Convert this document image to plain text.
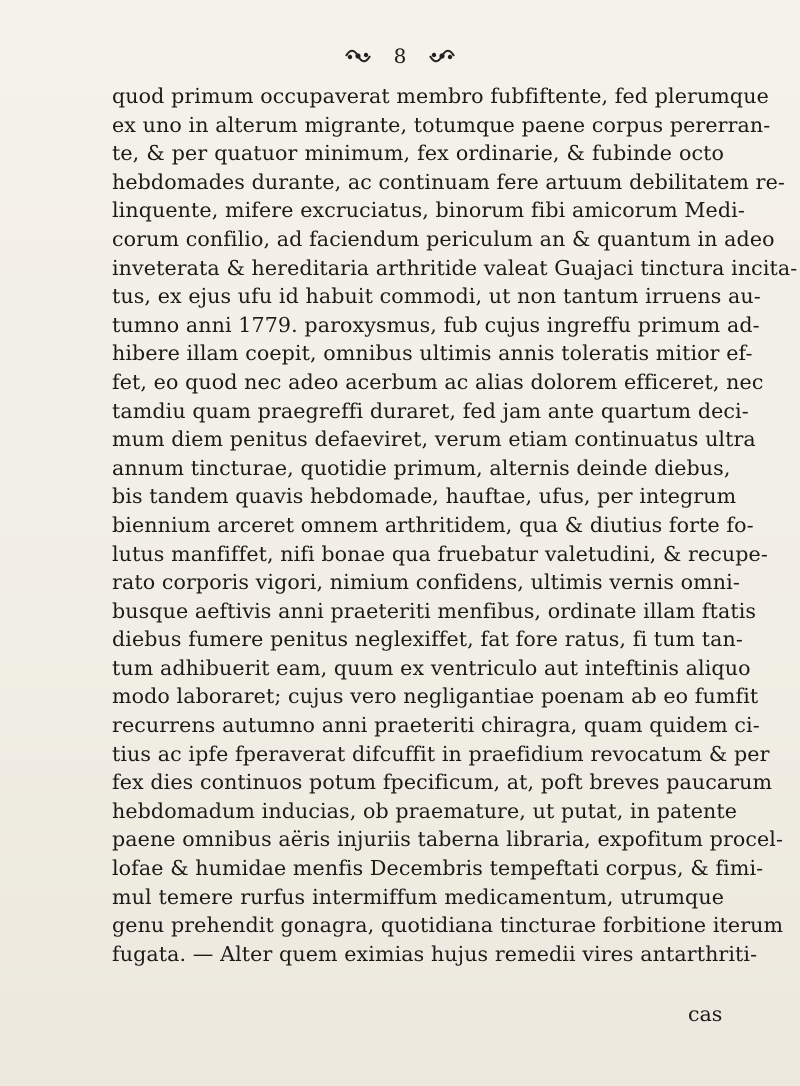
8
quod primum occupaverat membro fubfiftente, fed plerumque
ex uno in alterum migrante, totumque paene corpus pererran-
te, & per quatuor minimum, fex ordinarie, & fubinde octo
hebdomades durante, ac continuam fere artuum debilitatem re-
linquente, mifere excruciatus, binorum fibi amicorum Medi-
corum confilio, ad faciendum periculum an & quantum in adeo
inveterata & hereditaria arthritide valeat Guajaci tinctura incita-
tus, ex ejus ufu id habuit commodi, ut non tantum irruens au-
tumno anni 1779. paroxysmus, fub cujus ingreffu primum ad-
hibere illam coepit, omnibus ultimis annis toleratis mitior ef-
fet, eo quod nec adeo acerbum ac alias dolorem efficeret, nec
tamdiu quam praegreffi duraret, fed jam ante quartum deci-
mum diem penitus defaeviret, verum etiam continuatus ultra
annum tincturae, quotidie primum, alternis deinde diebus,
bis tandem quavis hebdomade, hauftae, ufus, per integrum
biennium arceret omnem arthritidem, qua & diutius forte fo-
lutus manfiffet, nifi bonae qua fruebatur valetudini, & recupe-
rato corporis vigori, nimium confidens, ultimis vernis omni-
busque aeftivis anni praeteriti menfibus, ordinate illam ftatis
diebus fumere penitus neglexiffet, fat fore ratus, fi tum tan-
tum adhibuerit eam, quum ex ventriculo aut inteftinis aliquo
modo laboraret; cujus vero negligantiae poenam ab eo fumfit
recurrens autumno anni praeteriti chiragra, quam quidem ci-
tius ac ipfe fperaverat difcuffit in praefidium revocatum & per
fex dies continuos potum fpecificum, at, poft breves paucarum
hebdomadum inducias, ob praemature, ut putat, in patente
paene omnibus aëris injuriis taberna libraria, expofitum procel-
lofae & humidae menfis Decembris tempeftati corpus, & fimi-
mul temere rurfus intermiffum medicamentum, utrumque
genu prehendit gonagra, quotidiana tincturae forbitione iterum
fugata. — Alter quem eximias hujus remedii vires antarthriti-
cas
